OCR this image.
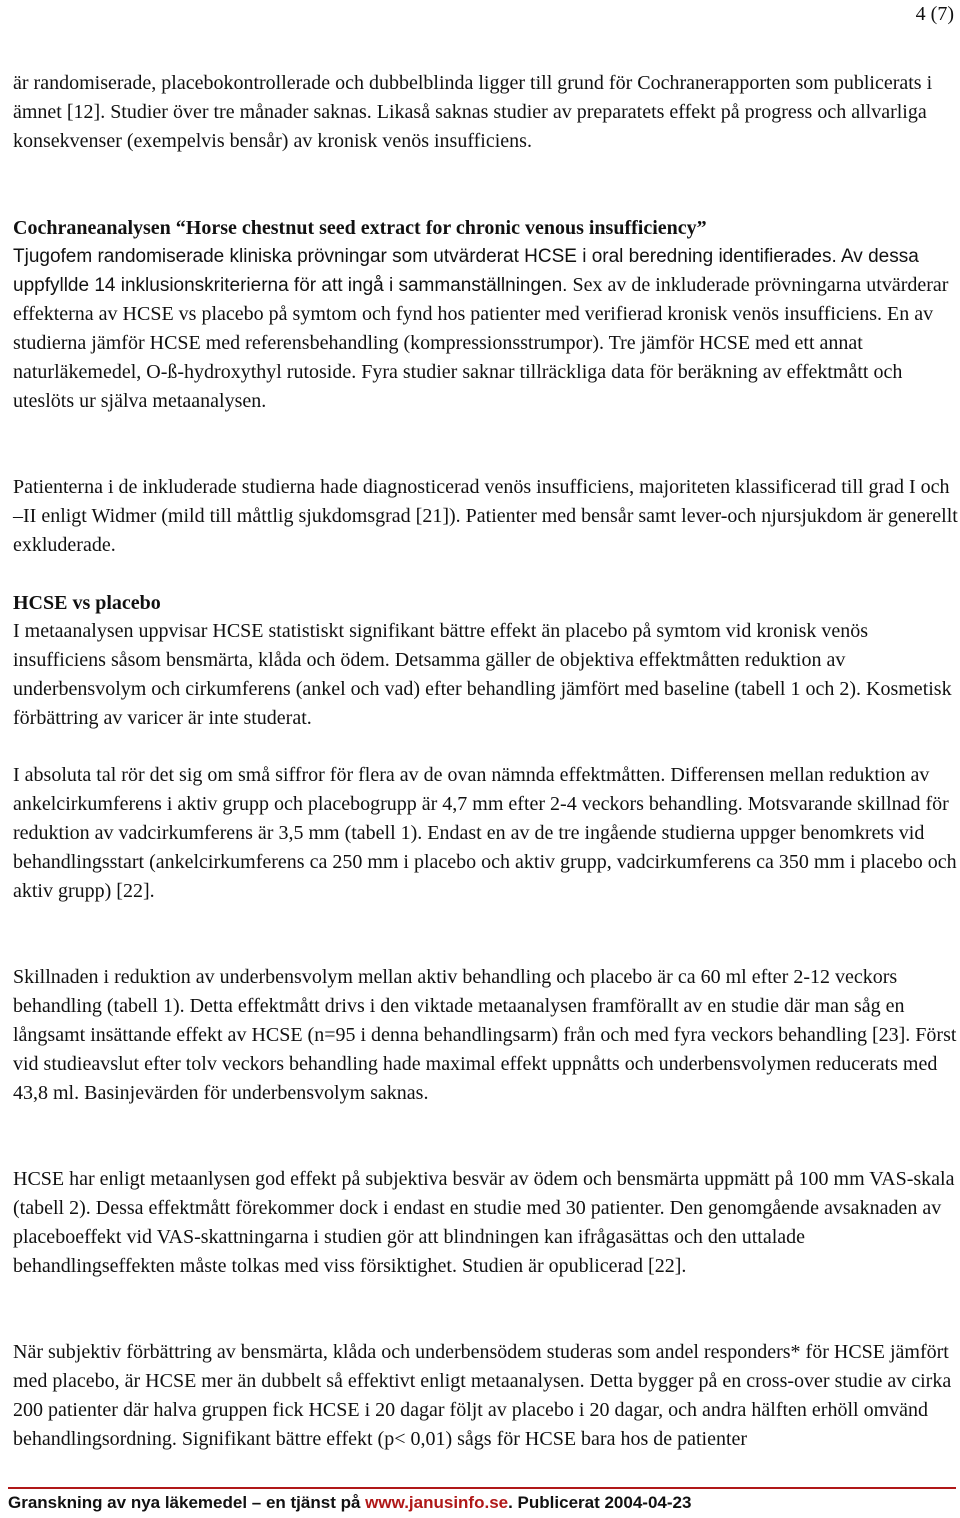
4 (7)

är randomiserade, placebokontrollerade och dubbelblinda ligger till grund för Cochranerapporten som publicerats i ämnet [12]. Studier över tre månader saknas. Likaså saknas studier av preparatets effekt på progress och allvarliga konsekvenser (exempelvis bensår) av kronisk venös insufficiens.

Cochraneanalysen “Horse chestnut seed extract for chronic venous insufficiency”

Tjugofem randomiserade kliniska prövningar som utvärderat HCSE i oral beredning identifierades. Av dessa uppfyllde 14 inklusionskriterierna för att ingå i sammanställningen. Sex av de inkluderade prövningarna utvärderar effekterna av HCSE vs placebo på symtom och fynd hos patienter med verifierad kronisk venös insufficiens. En av studierna jämför HCSE med referensbehandling (kompressionsstrumpor). Tre jämför HCSE med ett annat naturläkemedel, O-ß-hydroxythyl rutoside. Fyra studier saknar tillräckliga data för beräkning av effektmått och uteslöts ur själva metaanalysen.

Patienterna i de inkluderade studierna hade diagnosticerad venös insufficiens, majoriteten klassificerad till grad I och –II enligt Widmer (mild till måttlig sjukdomsgrad [21]). Patienter med bensår samt lever-och njursjukdom är generellt exkluderade.

HCSE vs placebo

I metaanalysen uppvisar HCSE statistiskt signifikant bättre effekt än placebo på symtom vid kronisk venös insufficiens såsom bensmärta, klåda och ödem. Detsamma gäller de objektiva effektmåtten reduktion av underbensvolym och cirkumferens (ankel och vad) efter behandling jämfört med baseline (tabell 1 och 2). Kosmetisk förbättring av varicer är inte studerat.

I absoluta tal rör det sig om små siffror för flera av de ovan nämnda effektmåtten. Differensen mellan reduktion av ankelcirkumferens i aktiv grupp och placebogrupp är 4,7 mm efter 2-4 veckors behandling. Motsvarande skillnad för reduktion av vadcirkumferens är 3,5 mm (tabell 1). Endast en av de tre ingående studierna uppger benomkrets vid behandlingsstart (ankelcirkumferens ca 250 mm i placebo och aktiv grupp, vadcirkumferens ca 350 mm i placebo och aktiv grupp) [22].

Skillnaden i reduktion av underbensvolym mellan aktiv behandling och placebo är ca 60 ml efter 2-12 veckors behandling (tabell 1). Detta effektmått drivs i den viktade metaanalysen framförallt av en studie där man såg en långsamt insättande effekt av HCSE (n=95 i denna behandlingsarm) från och med fyra veckors behandling [23]. Först vid studieavslut efter tolv veckors behandling hade maximal effekt uppnåtts och underbensvolymen reducerats med 43,8 ml. Basinjevärden för underbensvolym saknas.

HCSE har enligt metaanlysen god effekt på subjektiva besvär av ödem och bensmärta uppmätt på 100 mm VAS-skala (tabell 2). Dessa effektmått förekommer dock i endast en studie med 30 patienter. Den genomgående avsaknaden av placeboeffekt vid VAS-skattningarna i studien gör att blindningen kan ifrågasättas och den uttalade behandlingseffekten måste tolkas med viss försiktighet. Studien är opublicerad [22].

När subjektiv förbättring av bensmärta, klåda och underbensödem studeras som andel responders* för HCSE jämfört med placebo, är HCSE mer än dubbelt så effektivt enligt metaanalysen. Detta bygger på en cross-over studie av cirka 200 patienter där halva gruppen fick HCSE i 20 dagar följt av placebo i 20 dagar, och andra hälften erhöll omvänd behandlingsordning. Signifikant bättre effekt (p< 0,01) sågs för HCSE bara hos de patienter

Granskning av nya läkemedel – en tjänst på www.janusinfo.se. Publicerat 2004-04-23
